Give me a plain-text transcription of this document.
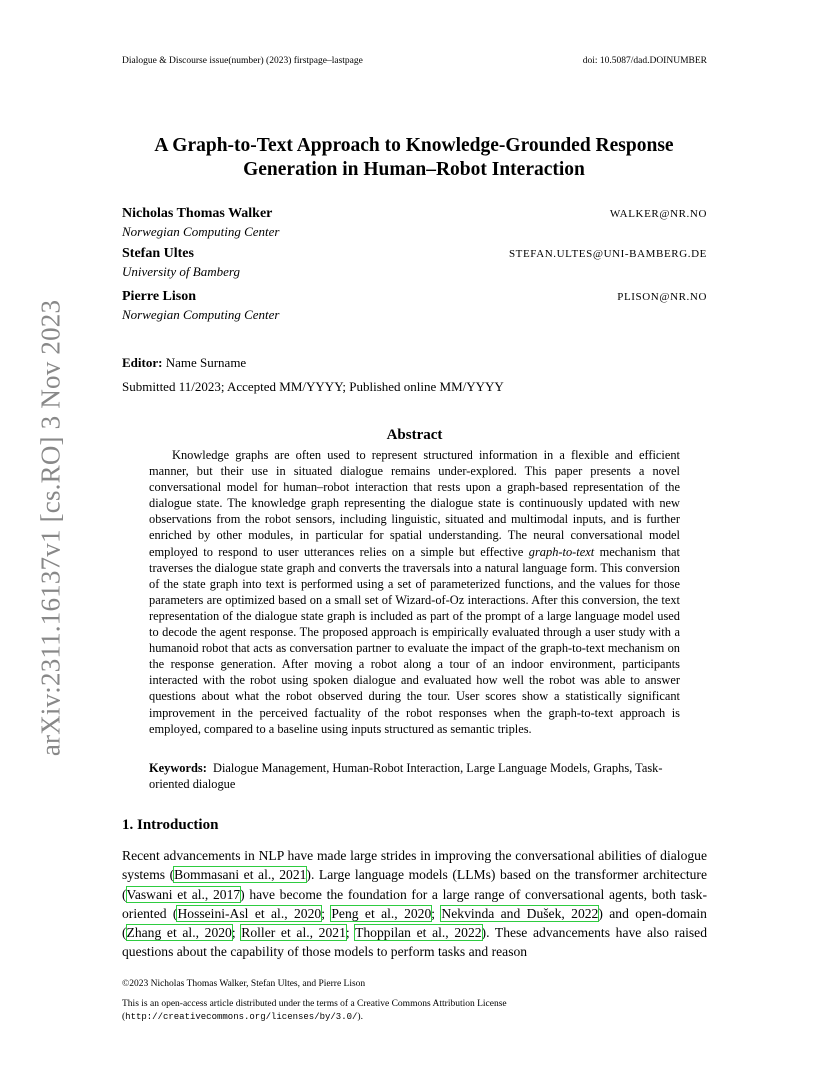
Dialogue & Discourse issue(number) (2023) firstpage–lastpage	doi: 10.5087/dad.DOINUMBER
arXiv:2311.16137v1 [cs.RO] 3 Nov 2023
A Graph-to-Text Approach to Knowledge-Grounded Response
Generation in Human–Robot Interaction
Nicholas Thomas Walker
Norwegian Computing Center
WALKER@NR.NO
Stefan Ultes
University of Bamberg
STEFAN.ULTES@UNI-BAMBERG.DE
Pierre Lison
Norwegian Computing Center
PLISON@NR.NO
Editor: Name Surname
Submitted 11/2023; Accepted MM/YYYY; Published online MM/YYYY
Abstract
Knowledge graphs are often used to represent structured information in a flexible and efficient manner, but their use in situated dialogue remains under-explored. This paper presents a novel conversational model for human–robot interaction that rests upon a graph-based representation of the dialogue state. The knowledge graph representing the dialogue state is continuously updated with new observations from the robot sensors, including linguistic, situated and multimodal inputs, and is further enriched by other modules, in particular for spatial understanding. The neural conversational model employed to respond to user utterances relies on a simple but effective graph-to-text mechanism that traverses the dialogue state graph and converts the traversals into a natural language form. This conversion of the state graph into text is performed using a set of parameterized functions, and the values for those parameters are optimized based on a small set of Wizard-of-Oz interactions. After this conversion, the text representation of the dialogue state graph is included as part of the prompt of a large language model used to decode the agent response. The proposed approach is empirically evaluated through a user study with a humanoid robot that acts as conversation partner to evaluate the impact of the graph-to-text mechanism on the response generation. After moving a robot along a tour of an indoor environment, participants interacted with the robot using spoken dialogue and evaluated how well the robot was able to answer questions about what the robot observed during the tour. User scores show a statistically significant improvement in the perceived factuality of the robot responses when the graph-to-text approach is employed, compared to a baseline using inputs structured as semantic triples.
Keywords: Dialogue Management, Human-Robot Interaction, Large Language Models, Graphs, Task-oriented dialogue
1. Introduction
Recent advancements in NLP have made large strides in improving the conversational abilities of dialogue systems (Bommasani et al., 2021). Large language models (LLMs) based on the transformer architecture (Vaswani et al., 2017) have become the foundation for a large range of conversational agents, both task-oriented (Hosseini-Asl et al., 2020; Peng et al., 2020; Nekvinda and Dušek, 2022) and open-domain (Zhang et al., 2020; Roller et al., 2021; Thoppilan et al., 2022). These advancements have also raised questions about the capability of those models to perform tasks and reason
©2023 Nicholas Thomas Walker, Stefan Ultes, and Pierre Lison
This is an open-access article distributed under the terms of a Creative Commons Attribution License
(http://creativecommons.org/licenses/by/3.0/).
